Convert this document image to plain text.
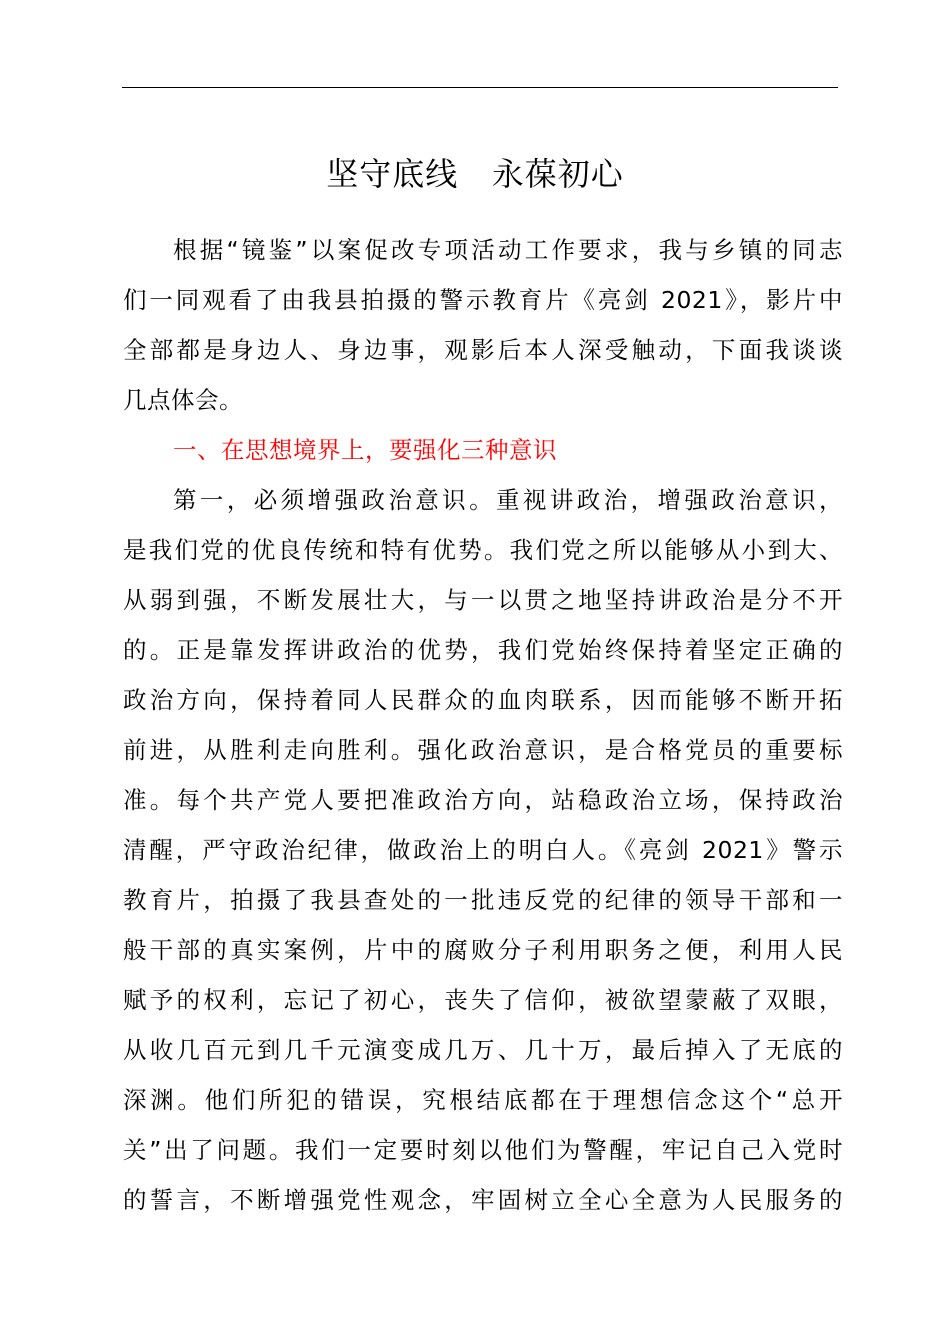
坚守底线   永葆初心
根据“镜鉴”以案促改专项活动工作要求，我与乡镇的同志
们一同观看了由我县拍摄的警示教育片《亮剑 2021》，影片中
全部都是身边人、身边事，观影后本人深受触动，下面我谈谈
几点体会。
一、在思想境界上，要强化三种意识
第一，必须增强政治意识。重视讲政治，增强政治意识，
是我们党的优良传统和特有优势。我们党之所以能够从小到大、
从弱到强，不断发展壮大，与一以贯之地坚持讲政治是分不开
的。正是靠发挥讲政治的优势，我们党始终保持着坚定正确的
政治方向，保持着同人民群众的血肉联系，因而能够不断开拓
前进，从胜利走向胜利。强化政治意识，是合格党员的重要标
准。每个共产党人要把准政治方向，站稳政治立场，保持政治
清醒，严守政治纪律，做政治上的明白人。《亮剑 2021》警示
教育片，拍摄了我县查处的一批违反党的纪律的领导干部和一
般干部的真实案例，片中的腐败分子利用职务之便，利用人民
赋予的权利，忘记了初心，丧失了信仰，被欲望蒙蔽了双眼，
从收几百元到几千元演变成几万、几十万，最后掉入了无底的
深渊。他们所犯的错误，究根结底都在于理想信念这个“总开
关”出了问题。我们一定要时刻以他们为警醒，牢记自己入党时
的誓言，不断增强党性观念，牢固树立全心全意为人民服务的
